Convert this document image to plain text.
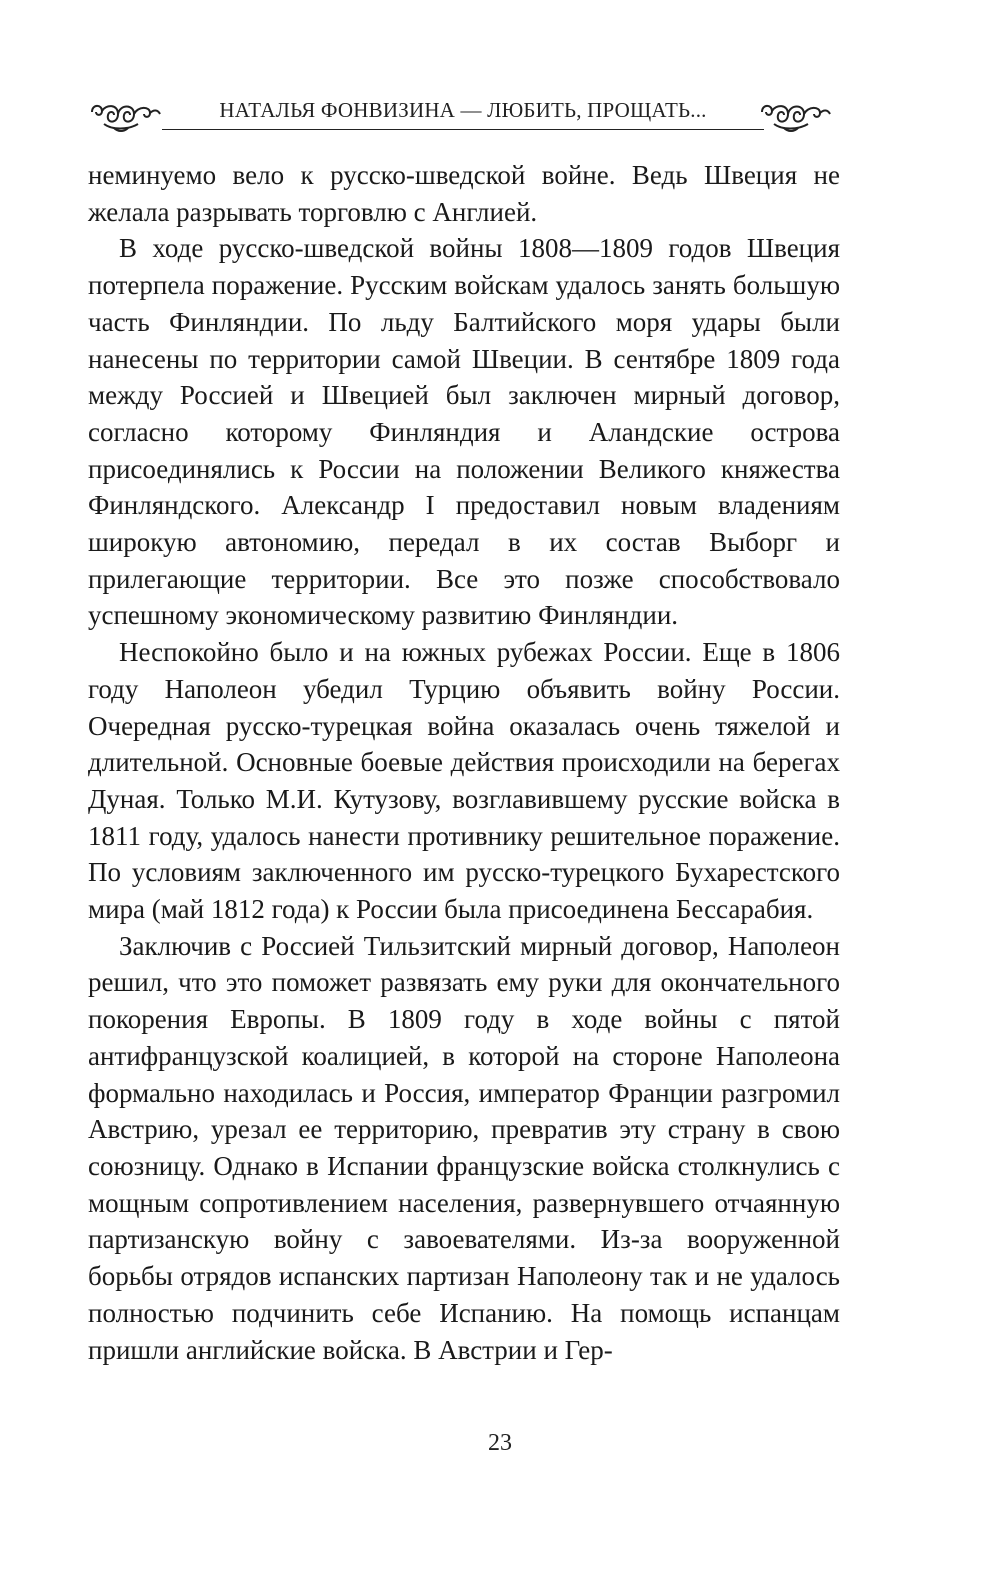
НАТАЛЬЯ ФОНВИЗИНА — ЛЮБИТЬ, ПРОЩАТЬ...

неминуемо вело к русско-шведской войне. Ведь Швеция не желала разрывать торговлю с Англией.

В ходе русско-шведской войны 1808—1809 годов Швеция потерпела поражение. Русским войскам удалось занять большую часть Финляндии. По льду Балтийского моря удары были нанесены по территории самой Швеции. В сентябре 1809 года между Россией и Швецией был заключен мирный договор, согласно которому Финляндия и Аландские острова присоединялись к России на положении Великого княжества Финляндского. Александр I предоставил новым владениям широкую автономию, передал в их состав Выборг и прилегающие территории. Все это позже способствовало успешному экономическому развитию Финляндии.

Неспокойно было и на южных рубежах России. Еще в 1806 году Наполеон убедил Турцию объявить войну России. Очередная русско-турецкая война оказалась очень тяжелой и длительной. Основные боевые действия происходили на берегах Дуная. Только М.И. Кутузову, возглавившему русские войска в 1811 году, удалось нанести противнику решительное поражение. По условиям заключенного им русско-турецкого Бухарестского мира (май 1812 года) к России была присоединена Бессарабия.

Заключив с Россией Тильзитский мирный договор, Наполеон решил, что это поможет развязать ему руки для окончательного покорения Европы. В 1809 году в ходе войны с пятой антифранцузской коалицией, в которой на стороне Наполеона формально находилась и Россия, император Франции разгромил Австрию, урезал ее территорию, превратив эту страну в свою союзницу. Однако в Испании французские войска столкнулись с мощным сопротивлением населения, развернувшего отчаянную партизанскую войну с завоевателями. Из-за вооруженной борьбы отрядов испанских партизан Наполеону так и не удалось полностью подчинить себе Испанию. На помощь испанцам пришли английские войска. В Австрии и Гер-

23
